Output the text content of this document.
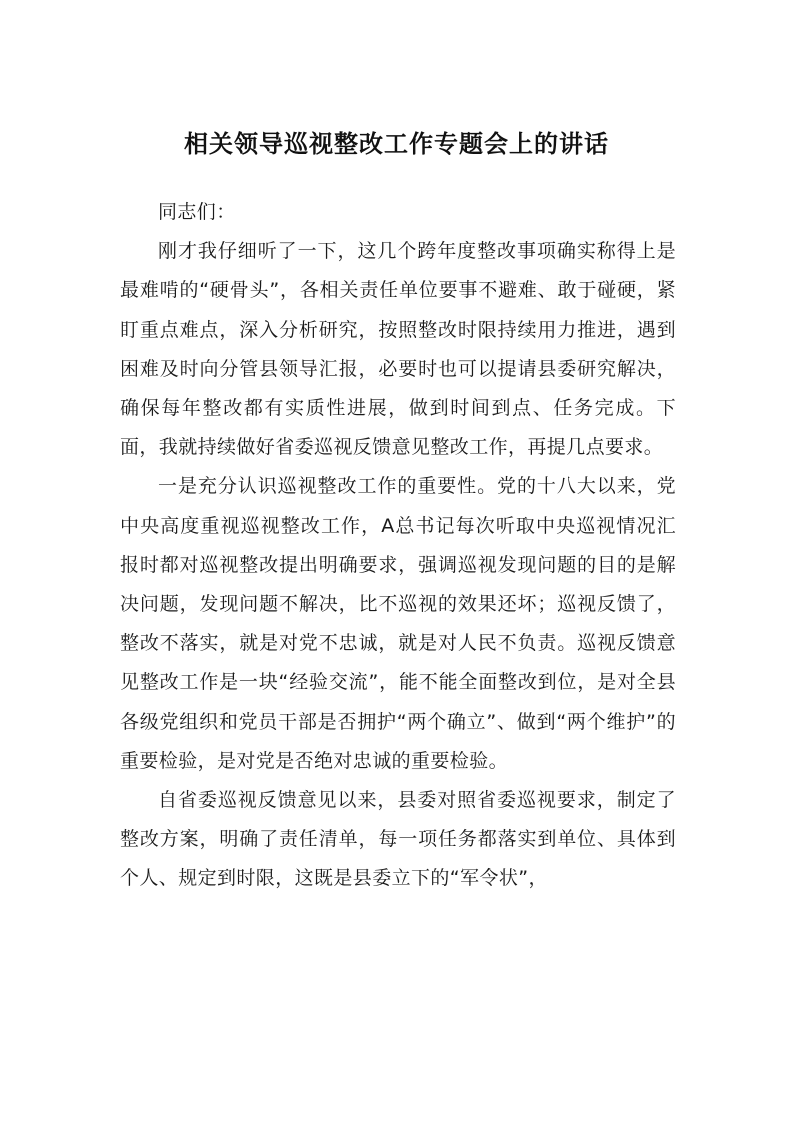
相关领导巡视整改工作专题会上的讲话

同志们：

刚才我仔细听了一下，这几个跨年度整改事项确实称得上是最难啃的“硬骨头”，各相关责任单位要事不避难、敢于碰硬，紧盯重点难点，深入分析研究，按照整改时限持续用力推进，遇到困难及时向分管县领导汇报，必要时也可以提请县委研究解决，确保每年整改都有实质性进展，做到时间到点、任务完成。下面，我就持续做好省委巡视反馈意见整改工作，再提几点要求。

一是充分认识巡视整改工作的重要性。党的十八大以来，党中央高度重视巡视整改工作，A总书记每次听取中央巡视情况汇报时都对巡视整改提出明确要求，强调巡视发现问题的目的是解决问题，发现问题不解决，比不巡视的效果还坏；巡视反馈了，整改不落实，就是对党不忠诚，就是对人民不负责。巡视反馈意见整改工作是一块“经验交流”，能不能全面整改到位，是对全县各级党组织和党员干部是否拥护“两个确立”、做到“两个维护”的重要检验，是对党是否绝对忠诚的重要检验。

自省委巡视反馈意见以来，县委对照省委巡视要求，制定了整改方案，明确了责任清单，每一项任务都落实到单位、具体到个人、规定到时限，这既是县委立下的“军令状”，
